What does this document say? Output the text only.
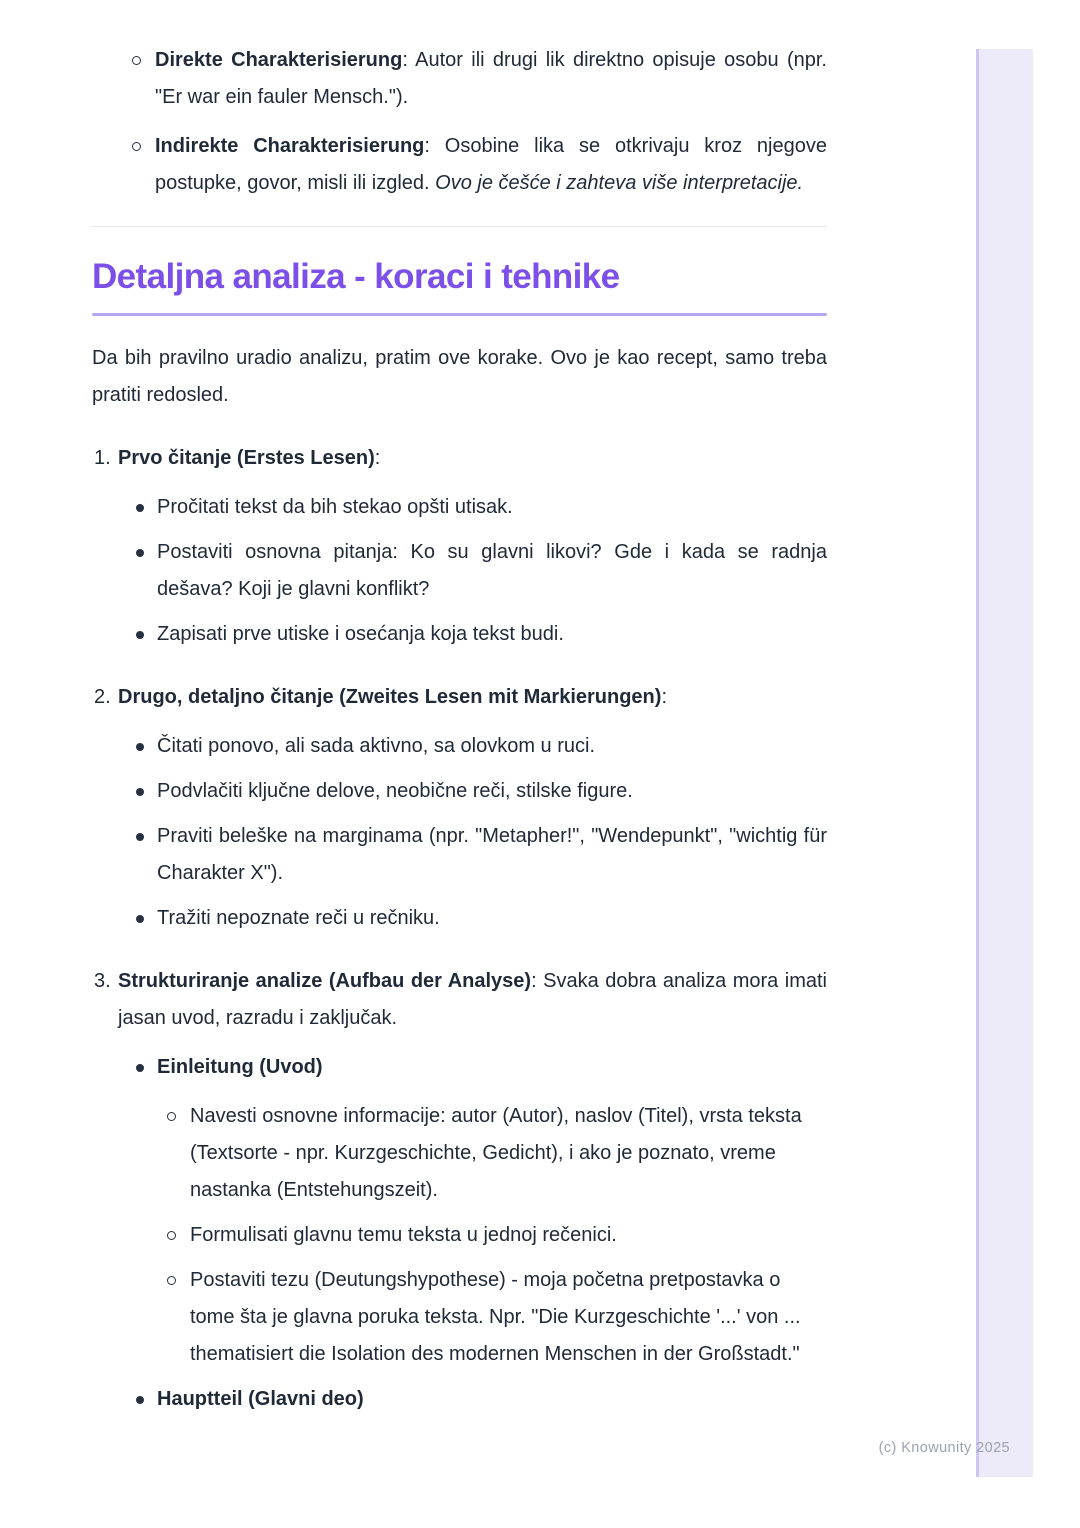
Direkte Charakterisierung: Autor ili drugi lik direktno opisuje osobu (npr. "Er war ein fauler Mensch.").
Indirekte Charakterisierung: Osobine lika se otkrivaju kroz njegove postupke, govor, misli ili izgled. Ovo je češće i zahteva više interpretacije.
Detaljna analiza - koraci i tehnike

Da bih pravilno uradio analizu, pratim ove korake. Ovo je kao recept, samo treba pratiti redosled.

1. Prvo čitanje (Erstes Lesen):
Pročitati tekst da bih stekao opšti utisak.
Postaviti osnovna pitanja: Ko su glavni likovi? Gde i kada se radnja dešava? Koji je glavni konflikt?
Zapisati prve utiske i osećanja koja tekst budi.
2. Drugo, detaljno čitanje (Zweites Lesen mit Markierungen):
Čitati ponovo, ali sada aktivno, sa olovkom u ruci.
Podvlačiti ključne delove, neobične reči, stilske figure.
Praviti beleške na marginama (npr. "Metapher!", "Wendepunkt", "wichtig für Charakter X").
Tražiti nepoznate reči u rečniku.
3. Strukturiranje analize (Aufbau der Analyse): Svaka dobra analiza mora imati jasan uvod, razradu i zaključak.
Einleitung (Uvod)
Navesti osnovne informacije: autor (Autor), naslov (Titel), vrsta teksta (Textsorte - npr. Kurzgeschichte, Gedicht), i ako je poznato, vreme nastanka (Entstehungszeit).
Formulisati glavnu temu teksta u jednoj rečenici.
Postaviti tezu (Deutungshypothese) - moja početna pretpostavka o tome šta je glavna poruka teksta. Npr. "Die Kurzgeschichte '...' von ... thematisiert die Isolation des modernen Menschen in der Großstadt."
Hauptteil (Glavni deo)
(c) Knowunity 2025
